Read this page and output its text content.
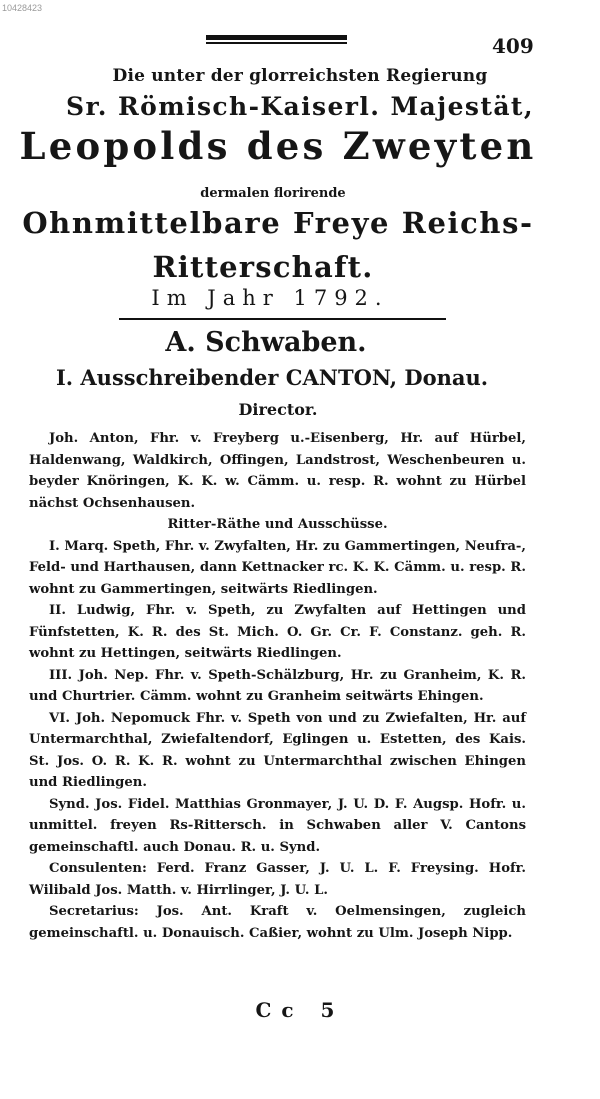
10428423
409
Die unter der glorreichsten Regierung
Sr. Römisch-Kaiserl. Majestät,
Leopolds des Zweyten
dermalen florirende
Ohnmittelbare Freye Reichs-
Ritterschaft.
Im Jahr 1792.
A. Schwaben.
I. Ausschreibender CANTON, Donau.
Director.

Joh. Anton, Fhr. v. Freyberg u.-Eisenberg, Hr. auf Hürbel, Haldenwang, Waldkirch, Offingen, Landstrost, Weschenbeuren u. beyder Knöringen, K. K. w. Cämm. u. resp. R. wohnt zu Hürbel nächst Ochsenhausen.

Ritter-Räthe und Ausschüsse.

I. Marq. Speth, Fhr. v. Zwyfalten, Hr. zu Gammertingen, Neufra-, Feld- und Harthausen, dann Kettnacker rc. K. K. Cämm. u. resp. R. wohnt zu Gammertingen, seitwärts Riedlingen.

II. Ludwig, Fhr. v. Speth, zu Zwyfalten auf Hettingen und Fünfstetten, K. R. des St. Mich. O. Gr. Cr. F. Constanz. geh. R. wohnt zu Hettingen, seitwärts Riedlingen.

III. Joh. Nep. Fhr. v. Speth-Schälzburg, Hr. zu Granheim, K. R. und Churtrier. Cämm. wohnt zu Granheim seitwärts Ehingen.

VI. Joh. Nepomuck Fhr. v. Speth von und zu Zwiefalten, Hr. auf Untermarchthal, Zwiefaltendorf, Eglingen u. Estetten, des Kais. St. Jos. O. R. K. R. wohnt zu Untermarchthal zwischen Ehingen und Riedlingen.

Synd. Jos. Fidel. Matthias Gronmayer, J. U. D. F. Augsp. Hofr. u. unmittel. freyen Rs-Rittersch. in Schwaben aller V. Cantons gemeinschaftl. auch Donau. R. u. Synd.

Consulenten: Ferd. Franz Gasser, J. U. L. F. Freysing. Hofr. Wilibald Jos. Matth. v. Hirrlinger, J. U. L.

Secretarius: Jos. Ant. Kraft v. Oelmensingen, zugleich gemeinschaftl. u. Donauisch. Caßier, wohnt zu Ulm. Joseph Nipp.

Cc 5
